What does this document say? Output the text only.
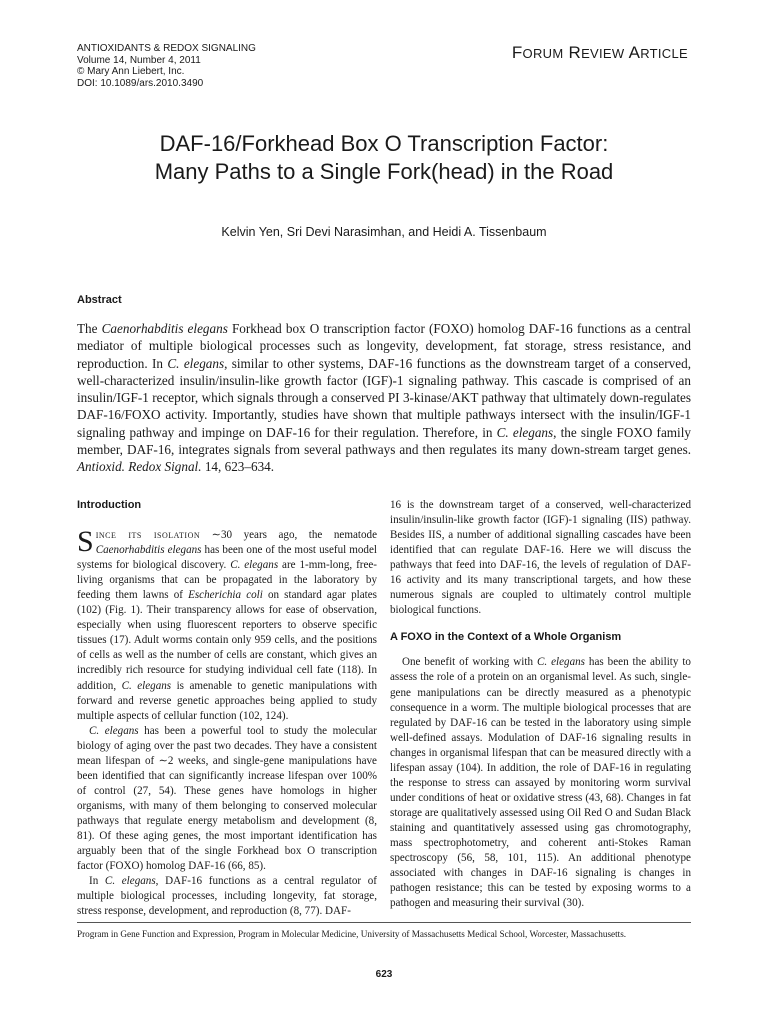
ANTIOXIDANTS & REDOX SIGNALING
Volume 14, Number 4, 2011
© Mary Ann Liebert, Inc.
DOI: 10.1089/ars.2010.3490
FORUM REVIEW ARTICLE
DAF-16/Forkhead Box O Transcription Factor:
Many Paths to a Single Fork(head) in the Road
Kelvin Yen, Sri Devi Narasimhan, and Heidi A. Tissenbaum
Abstract

The Caenorhabditis elegans Forkhead box O transcription factor (FOXO) homolog DAF-16 functions as a central mediator of multiple biological processes such as longevity, development, fat storage, stress resistance, and reproduction. In C. elegans, similar to other systems, DAF-16 functions as the downstream target of a conserved, well-characterized insulin/insulin-like growth factor (IGF)-1 signaling pathway. This cascade is comprised of an insulin/IGF-1 receptor, which signals through a conserved PI 3-kinase/AKT pathway that ultimately down-regulates DAF-16/FOXO activity. Importantly, studies have shown that multiple pathways intersect with the insulin/IGF-1 signaling pathway and impinge on DAF-16 for their regulation. Therefore, in C. elegans, the single FOXO family member, DAF-16, integrates signals from several pathways and then regulates its many down-stream target genes. Antioxid. Redox Signal. 14, 623–634.

Introduction

Since its isolation ∼30 years ago, the nematode Caenorhabditis elegans has been one of the most useful model systems for biological discovery. C. elegans are 1-mm-long, free-living organisms that can be propagated in the laboratory by feeding them lawns of Escherichia coli on standard agar plates (102) (Fig. 1). Their transparency allows for ease of observation, especially when using fluorescent reporters to observe specific tissues (17). Adult worms contain only 959 cells, and the positions of cells as well as the number of cells are constant, which gives an incredibly rich resource for studying individual cell fate (118). In addition, C. elegans is amenable to genetic manipulations with forward and reverse genetic approaches being applied to study multiple aspects of cellular function (102, 124).

C. elegans has been a powerful tool to study the molecular biology of aging over the past two decades. They have a consistent mean lifespan of ∼2 weeks, and single-gene manipulations have been identified that can significantly increase lifespan over 100% of control (27, 54). These genes have homologs in higher organisms, with many of them belonging to conserved molecular pathways that regulate energy metabolism and development (8, 81). Of these aging genes, the most important identification has arguably been that of the single Forkhead box O transcription factor (FOXO) homolog DAF-16 (66, 85).

In C. elegans, DAF-16 functions as a central regulator of multiple biological processes, including longevity, fat storage, stress response, development, and reproduction (8, 77). DAF-

16 is the downstream target of a conserved, well-characterized insulin/insulin-like growth factor (IGF)-1 signaling (IIS) pathway. Besides IIS, a number of additional signalling cascades have been identified that can regulate DAF-16. Here we will discuss the pathways that feed into DAF-16, the levels of regulation of DAF-16 activity and its many transcriptional targets, and how these numerous signals are coupled to ultimately control multiple biological functions.

A FOXO in the Context of a Whole Organism

One benefit of working with C. elegans has been the ability to assess the role of a protein on an organismal level. As such, single-gene manipulations can be directly measured as a phenotypic consequence in a worm. The multiple biological processes that are regulated by DAF-16 can be tested in the laboratory using simple well-defined assays. Modulation of DAF-16 signaling results in changes in organismal lifespan that can be measured directly with a lifespan assay (104). In addition, the role of DAF-16 in regulating the response to stress can assayed by monitoring worm survival under conditions of heat or oxidative stress (43, 68). Changes in fat storage are qualitatively assessed using Oil Red O and Sudan Black staining and quantitatively assessed using gas chromotography, mass spectrophotometry, and coherent anti-Stokes Raman spectroscopy (56, 58, 101, 115). An additional phenotype associated with changes in DAF-16 signaling is changes in pathogen resistance; this can be tested by exposing worms to a pathogen and measuring their survival (30).

Program in Gene Function and Expression, Program in Molecular Medicine, University of Massachusetts Medical School, Worcester, Massachusetts.
623
